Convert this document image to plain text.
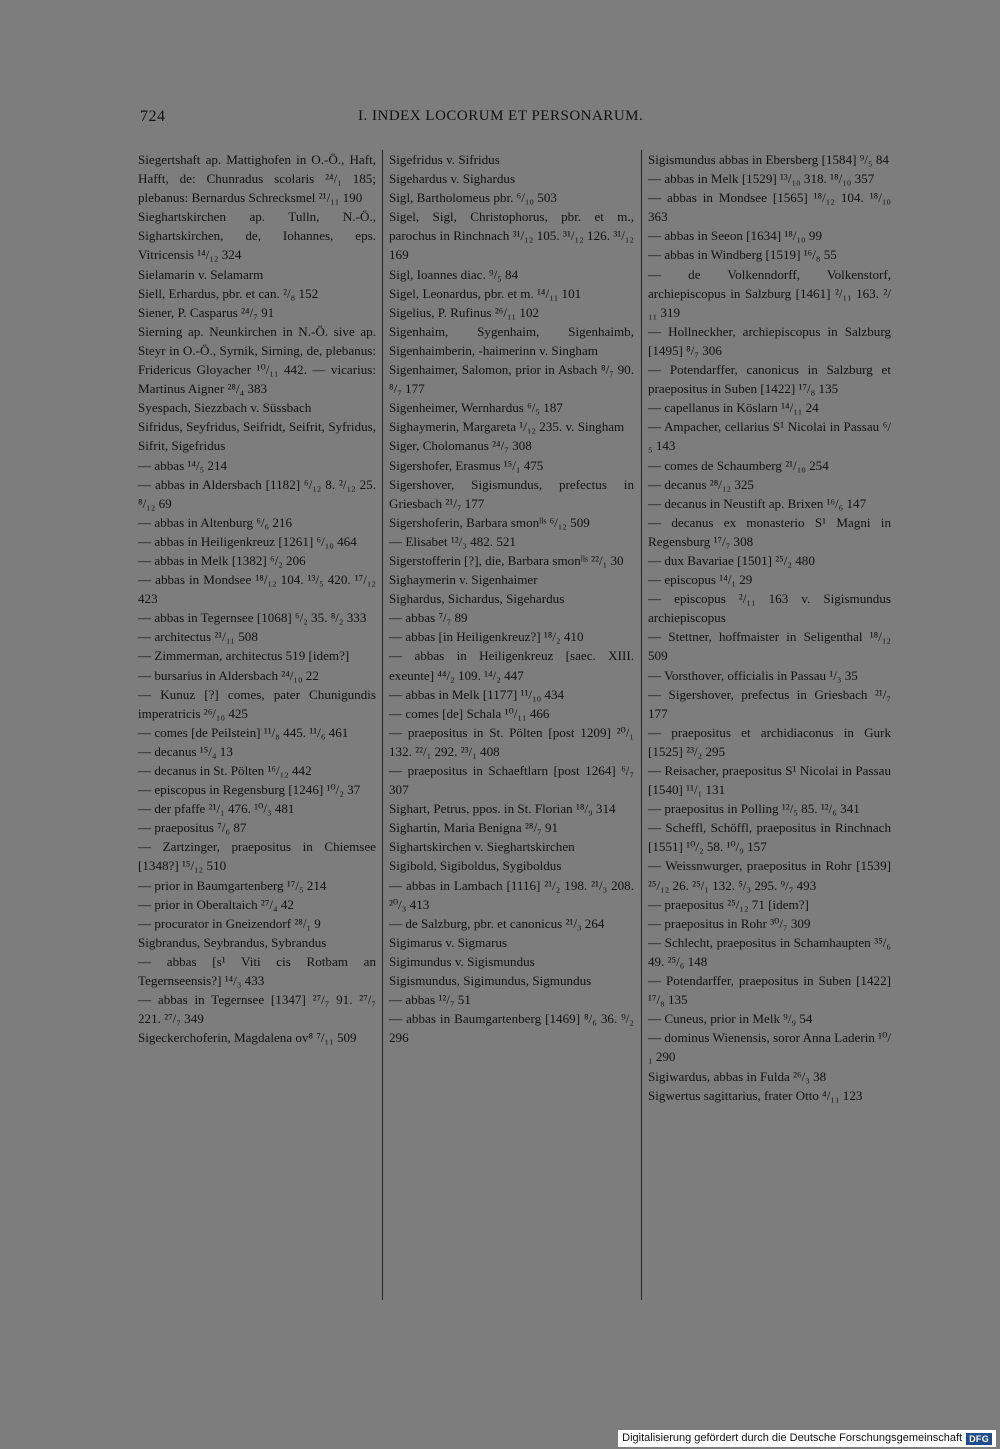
724	I. INDEX LOCORUM ET PERSONARUM.
Siegertshaft ap. Mattighofen in O.-Ö., Haft, Hafft, de: Chunradus scolaris ²⁴/₁ 185; plebanus: Bernardus Schrecksmel ²¹/₁₁ 190
Sieghartskirchen ap. Tulln, N.-Ö., Sighartskirchen, de, Iohannes, eps. Vitricensis ¹⁴/₁₂ 324
Sielamarin v. Selamarm
Siell, Erhardus, pbr. et can. ²/₈ 152
Siener, P. Casparus ²⁴/₇ 91
Sierning ap. Neunkirchen in N.-Ö. sive ap. Steyr in O.-Ö., Syrnik, Sirning, de, plebanus: Fridericus Gloyacher ¹⁰/₁₁ 442. — vicarius: Martinus Aigner ²⁸/₄ 383
Syespach, Siezzbach v. Süssbach
Sifridus, Seyfridus, Seifridt, Seifrit, Syfridus, Sifrit, Sigefridus
— abbas ¹⁴/₅ 214
— abbas in Aldersbach [1182] ⁶/₁₂ 8. ²/₁₂ 25. ⁸/₁₂ 69
— abbas in Altenburg ⁶/₆ 216
— abbas in Heiligenkreuz [1261] ⁶/₁₀ 464
— abbas in Melk [1382] ⁶/₂ 206
— abbas in Mondsee ¹⁸/₁₂ 104. ¹³/₅ 420. ¹⁷/₁₂ 423
— abbas in Tegernsee [1068] ⁶/₂ 35. ⁸/₂ 333
— architectus ²¹/₁₁ 508
— Zimmerman, architectus 519 [idem?]
— bursarius in Aldersbach ²⁴/₁₀ 22
— Kunuz [?] comes, pater Chunigundis imperatricis ²⁶/₁₀ 425
— comes [de Peilstein] ¹¹/₈ 445. ¹¹/₆ 461
— decanus ¹⁵/₄ 13
— decanus in St. Pölten ¹⁶/₁₂ 442
— episcopus in Regensburg [1246] ¹⁰/₂ 37
— der pfaffe ²¹/₁ 476. ¹⁰/₃ 481
— praepositus ⁷/₆ 87
— Zartzinger, praepositus in Chiemsee [1348?] ¹⁵/₁₂ 510
— prior in Baumgartenberg ¹⁷/₅ 214
— prior in Oberaltaich ²⁷/₄ 42
— procurator in Gneizendorf ²⁸/₁ 9
Sigbrandus, Seybrandus, Sybrandus
— abbas [s¹ Viti cis Rotbam an Tegernseensis?] ¹⁴/₃ 433
— abbas in Tegernsee [1347] ²⁷/₇ 91. ²⁷/₇ 221. ²⁷/₇ 349
Sigeckerchoferin, Magdalena ov⁸ ⁷/₁₁ 509
Sigefridus v. Sifridus
Sigehardus v. Sighardus
Sigl, Bartholomeus pbr. ⁶/₁₀ 503
Sigel, Sigl, Christophorus, pbr. et m., parochus in Rinchnach ³¹/₁₂ 105. ³¹/₁₂ 126. ³¹/₁₂ 169
Sigl, Ioannes diac. ⁹/₅ 84
Sigel, Leonardus, pbr. et m. ¹⁴/₁₁ 101
Sigelius, P. Rufinus ²⁶/₁₁ 102
Sigenhaim, Sygenhaim, Sigenhaimb, Sigenhaimberin, -haimerinn v. Singham
Sigenhaimer, Salomon, prior in Asbach ⁸/₇ 90. ⁸/₇ 177
Sigenheimer, Wernhardus ⁶/₅ 187
Sighaymerin, Margareta ¹/₁₂ 235. v. Singham
Siger, Cholomanus ²⁴/₇ 308
Sigershofer, Erasmus ¹⁵/₁ 475
Sigershover, Sigismundus, prefectus in Griesbach ²¹/₇ 177
Sigershoferin, Barbara smonˡˡˢ ⁶/₁₂ 509
— Elisabet ¹²/₃ 482. 521
Sigerstofferin [?], die, Barbara smonˡˡˢ ²²/₁ 30
Sighaymerin v. Sigenhaimer
Sighardus, Sichardus, Sigehardus
— abbas ⁷/₇ 89
— abbas [in Heiligenkreuz?] ¹⁸/₂ 410
— abbas in Heiligenkreuz [saec. XIII. exeunte] ⁴⁴/₂ 109. ¹⁴/₂ 447
— abbas in Melk [1177] ¹¹/₁₀ 434
— comes [de] Schala ¹⁰/₁₁ 466
— praepositus in St. Pölten [post 1209] ²⁰/₁ 132. ²²/₁ 292. ²³/₁ 408
— praepositus in Schaeftlarn [post 1264] ⁶/₇ 307
Sighart, Petrus, ppos. in St. Florian ¹⁸/₉ 314
Sighartin, Maria Benigna ²⁸/₇ 91
Sighartskirchen v. Sieghartskirchen
Sigibold, Sigiboldus, Sygiboldus
— abbas in Lambach [1116] ²¹/₂ 198. ²¹/₃ 208. ²⁰/₃ 413
— de Salzburg, pbr. et canonicus ²¹/₃ 264
Sigimarus v. Sigmarus
Sigimundus v. Sigismundus
Sigismundus, Sigimundus, Sigmundus
— abbas ¹²/₇ 51
— abbas in Baumgartenberg [1469] ⁸/₆ 36. ⁹/₂ 296
Sigismundus abbas in Ebersberg [1584] ⁹/₅ 84
— abbas in Melk [1529] ¹³/₁₀ 318. ¹⁸/₁₀ 357
— abbas in Mondsee [1565] ¹⁸/₁₂ 104. ¹⁸/₁₀ 363
— abbas in Seeon [1634] ¹⁸/₁₀ 99
— abbas in Windberg [1519] ¹⁶/₈ 55
— de Volkenndorff, Volkenstorf, archiepiscopus in Salzburg [1461] ²/₁₁ 163. ²/₁₁ 319
— Hollneckher, archiepiscopus in Salzburg [1495] ⁸/₇ 306
— Potendarffer, canonicus in Salzburg et praepositus in Suben [1422] ¹⁷/₈ 135
— capellanus in Köslarn ¹⁴/₁₁ 24
— Ampacher, cellarius S¹ Nicolai in Passau ⁶/₅ 143
— comes de Schaumberg ²¹/₁₀ 254
— decanus ²⁸/₁₂ 325
— decanus in Neustift ap. Brixen ¹⁶/₆ 147
— decanus ex monasterio S¹ Magni in Regensburg ¹⁷/₇ 308
— dux Bavariae [1501] ²⁵/₂ 480
— episcopus ¹⁴/₁ 29
— episcopus ²/₁₁ 163 v. Sigismundus archiepiscopus
— Stettner, hoffmaister in Seligenthal ¹⁸/₁₂ 509
— Vorsthover, officialis in Passau ¹/₃ 35
— Sigershover, prefectus in Griesbach ²¹/₇ 177
— praepositus et archidiaconus in Gurk [1525] ²³/₂ 295
— Reisacher, praepositus S¹ Nicolai in Passau [1540] ¹¹/₁ 131
— praepositus in Polling ¹²/₅ 85. ¹²/₆ 341
— Scheffl, Schöffl, praepositus in Rinchnach [1551] ¹⁰/₂ 58. ¹⁰/₉ 157
— Weissnwurger, praepositus in Rohr [1539] ²⁵/₁₂ 26. ²⁵/₁ 132. ⁵/₃ 295. ⁹/₇ 493
— praepositus ²⁵/₁₂ 71 [idem?]
— praepositus in Rohr ³⁰/₇ 309
— Schlecht, praepositus in Schamhaupten ³⁵/₆ 49. ²⁵/₆ 148
— Potendarffer, praepositus in Suben [1422] ¹⁷/₈ 135
— Cuneus, prior in Melk ⁹/₉ 54
— dominus Wienensis, soror Anna Laderin ¹⁰/₁ 290
Sigiwardus, abbas in Fulda ²⁶/₃ 38
Sigwertus sagittarius, frater Otto ⁴/₁₁ 123
Digitalisierung gefördert durch die Deutsche Forschungsgemeinschaft DFG
